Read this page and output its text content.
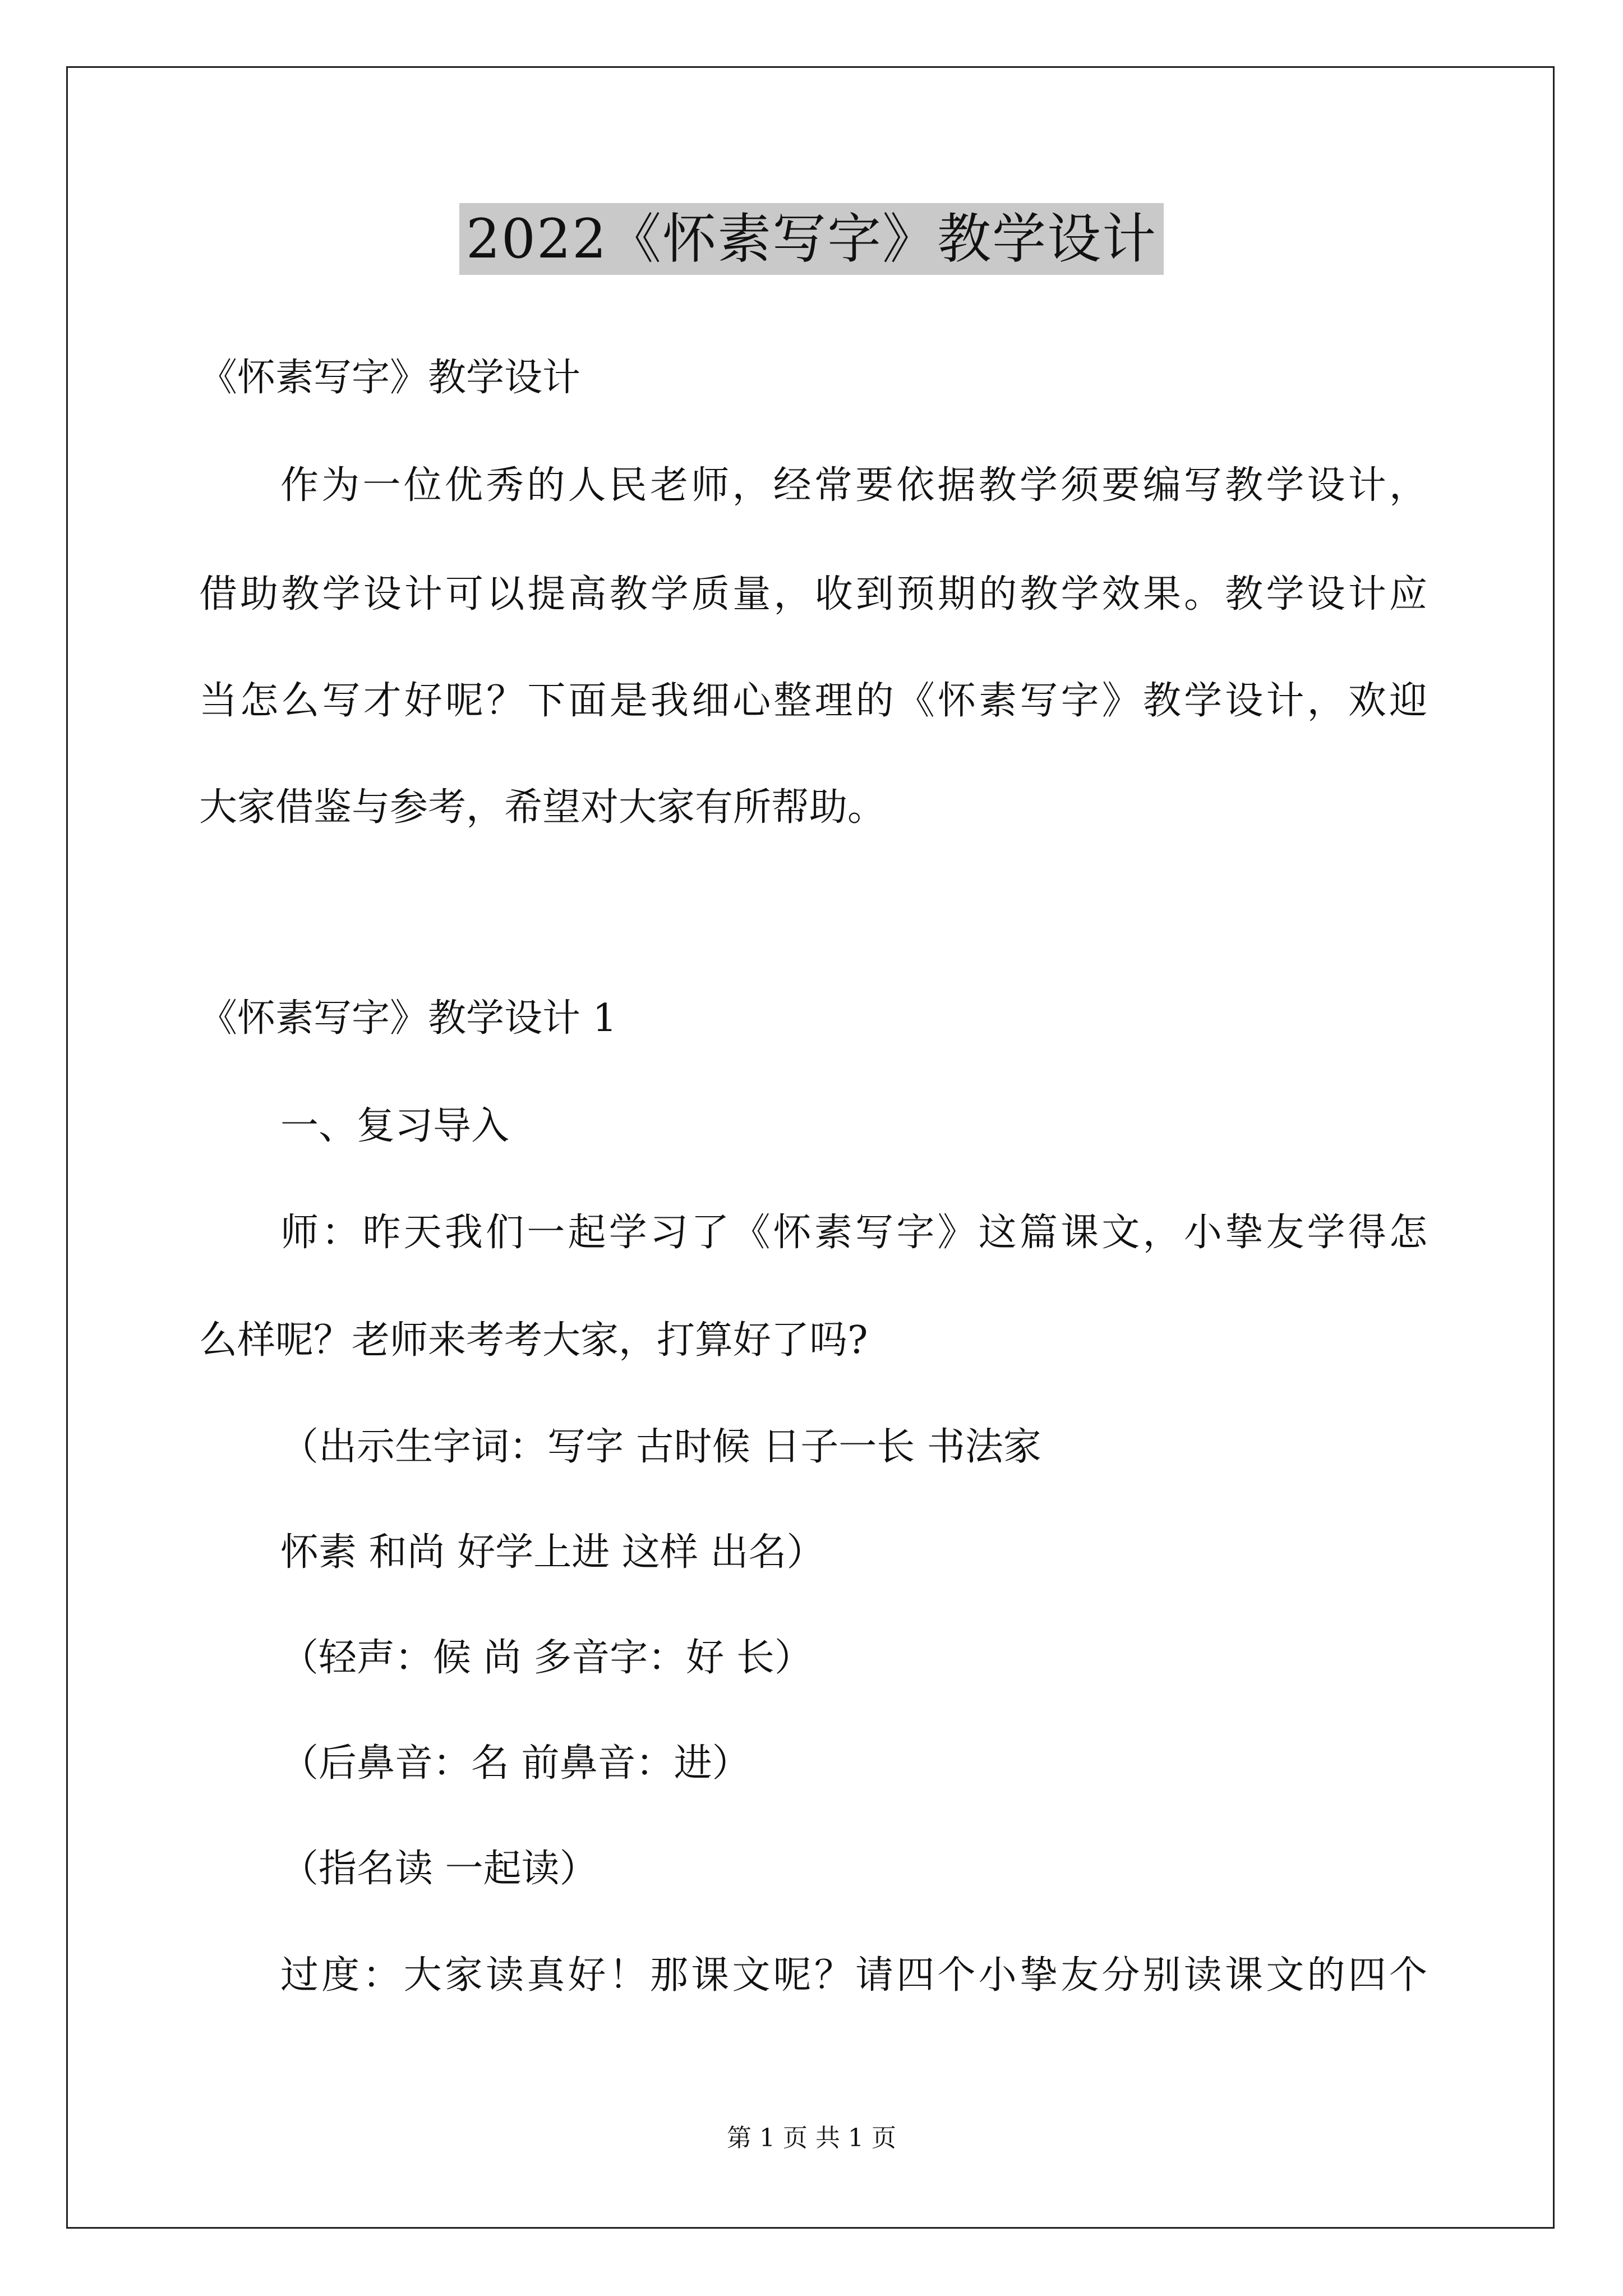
2022《怀素写字》教学设计
《怀素写字》教学设计
作为一位优秀的人民老师，经常要依据教学须要编写教学设计，
借助教学设计可以提高教学质量，收到预期的教学效果。教学设计应
当怎么写才好呢？下面是我细心整理的《怀素写字》教学设计，欢迎
大家借鉴与参考，希望对大家有所帮助。
《怀素写字》教学设计 1
一、复习导入
师：昨天我们一起学习了《怀素写字》这篇课文，小挚友学得怎
么样呢？老师来考考大家，打算好了吗?
（出示生字词：写字 古时候 日子一长 书法家
怀素 和尚 好学上进 这样 出名）
（轻声：候 尚 多音字：好 长）
（后鼻音：名 前鼻音：进）
（指名读 一起读）
过度：大家读真好！那课文呢？请四个小挚友分别读课文的四个
第 1 页 共 1 页
